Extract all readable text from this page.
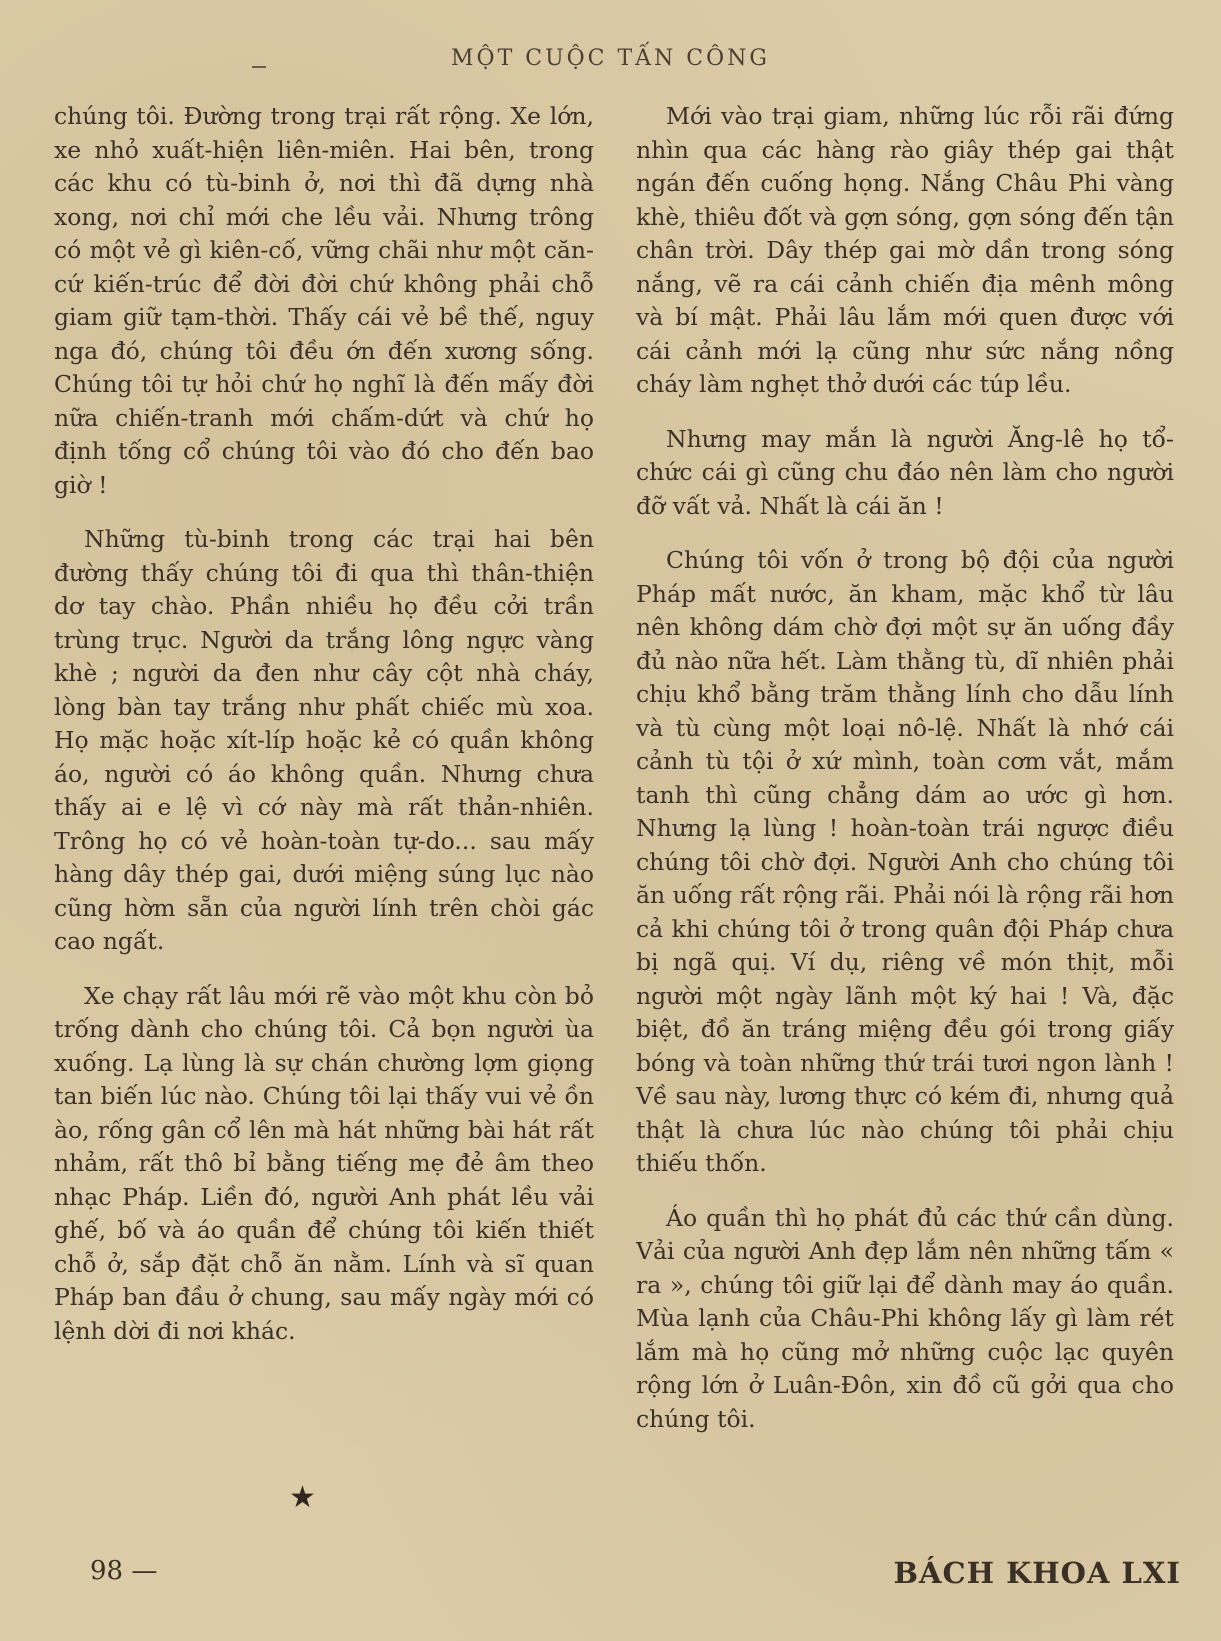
MỘT CUỘC TẤN CÔNG

chúng tôi. Đường trong trại rất rộng. Xe lớn, xe nhỏ xuất-hiện liên-miên. Hai bên, trong các khu có tù-binh ở, nơi thì đã dựng nhà xong, nơi chỉ mới che lều vải. Nhưng trông có một vẻ gì kiên-cố, vững chãi như một căn-cứ kiến-trúc để đời đời chứ không phải chỗ giam giữ tạm-thời. Thấy cái vẻ bề thế, nguy nga đó, chúng tôi đều ớn đến xương sống. Chúng tôi tự hỏi chứ họ nghĩ là đến mấy đời nữa chiến-tranh mới chấm-dứt và chứ họ định tống cổ chúng tôi vào đó cho đến bao giờ !

Những tù-binh trong các trại hai bên đường thấy chúng tôi đi qua thì thân-thiện dơ tay chào. Phần nhiều họ đều cởi trần trùng trục. Người da trắng lông ngực vàng khè ; người da đen như cây cột nhà cháy, lòng bàn tay trắng như phất chiếc mù xoa. Họ mặc hoặc xít-líp hoặc kẻ có quần không áo, người có áo không quần. Nhưng chưa thấy ai e lệ vì cớ này mà rất thản-nhiên. Trông họ có vẻ hoàn-toàn tự-do... sau mấy hàng dây thép gai, dưới miệng súng lục nào cũng hờm sẵn của người lính trên chòi gác cao ngất.

Xe chạy rất lâu mới rẽ vào một khu còn bỏ trống dành cho chúng tôi. Cả bọn người ùa xuống. Lạ lùng là sự chán chường lợm giọng tan biến lúc nào. Chúng tôi lại thấy vui vẻ ồn ào, rống gân cổ lên mà hát những bài hát rất nhảm, rất thô bỉ bằng tiếng mẹ đẻ âm theo nhạc Pháp. Liền đó, người Anh phát lều vải ghế, bố và áo quần để chúng tôi kiến thiết chỗ ở, sắp đặt chỗ ăn nằm. Lính và sĩ quan Pháp ban đầu ở chung, sau mấy ngày mới có lệnh dời đi nơi khác.

★

Mới vào trại giam, những lúc rỗi rãi đứng nhìn qua các hàng rào giây thép gai thật ngán đến cuống họng. Nắng Châu Phi vàng khè, thiêu đốt và gợn sóng, gợn sóng đến tận chân trời. Dây thép gai mờ dần trong sóng nắng, vẽ ra cái cảnh chiến địa mênh mông và bí mật. Phải lâu lắm mới quen được với cái cảnh mới lạ cũng như sức nắng nồng cháy làm nghẹt thở dưới các túp lều.

Nhưng may mắn là người Ăng-lê họ tổ-chức cái gì cũng chu đáo nên làm cho người đỡ vất vả. Nhất là cái ăn !

Chúng tôi vốn ở trong bộ đội của người Pháp mất nước, ăn kham, mặc khổ từ lâu nên không dám chờ đợi một sự ăn uống đầy đủ nào nữa hết. Làm thằng tù, dĩ nhiên phải chịu khổ bằng trăm thằng lính cho dẫu lính và tù cùng một loại nô-lệ. Nhất là nhớ cái cảnh tù tội ở xứ mình, toàn cơm vắt, mắm tanh thì cũng chẳng dám ao ước gì hơn. Nhưng lạ lùng ! hoàn-toàn trái ngược điều chúng tôi chờ đợi. Người Anh cho chúng tôi ăn uống rất rộng rãi. Phải nói là rộng rãi hơn cả khi chúng tôi ở trong quân đội Pháp chưa bị ngã quị. Ví dụ, riêng về món thịt, mỗi người một ngày lãnh một ký hai ! Và, đặc biệt, đồ ăn tráng miệng đều gói trong giấy bóng và toàn những thứ trái tươi ngon lành ! Về sau này, lương thực có kém đi, nhưng quả thật là chưa lúc nào chúng tôi phải chịu thiếu thốn.

Áo quần thì họ phát đủ các thứ cần dùng. Vải của người Anh đẹp lắm nên những tấm « ra », chúng tôi giữ lại để dành may áo quần. Mùa lạnh của Châu-Phi không lấy gì làm rét lắm mà họ cũng mở những cuộc lạc quyên rộng lớn ở Luân-Đôn, xin đồ cũ gởi qua cho chúng tôi.

98 —	BÁCH KHOA LXI
